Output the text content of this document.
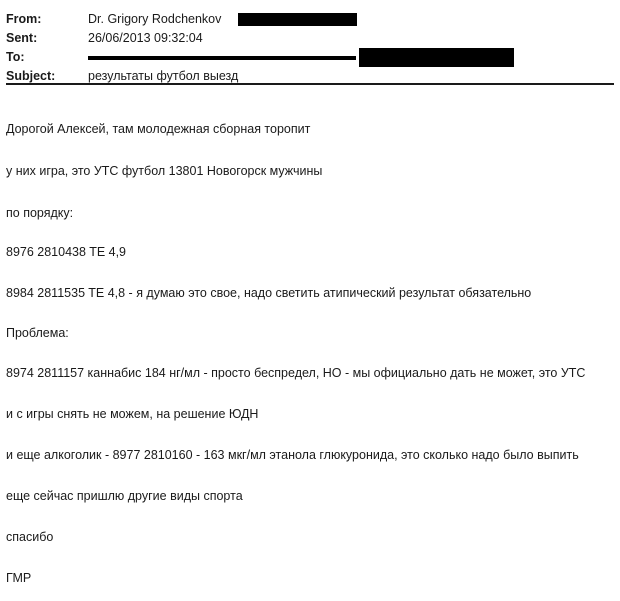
From:	Dr. Grigory Rodchenkov
Sent:	26/06/2013 09:32:04
To:
Subject:	результаты футбол выезд
Дорогой Алексей, там молодежная сборная торопит
у них игра, это УТС футбол 13801 Новогорск мужчины
по порядку:
8976 2810438 TE 4,9
8984 2811535 TE 4,8 - я думаю это свое, надо светить атипический результат обязательно
Проблема:
8974 2811157 каннабис 184 нг/мл - просто беспредел, НО - мы официально дать не может, это УТС
и с игры снять не можем, на решение ЮДН
и еще алкоголик - 8977 2810160 - 163 мкг/мл этанола глюкуронида, это сколько надо было выпить
еще сейчас пришлю другие виды спорта
спасибо
ГМР
